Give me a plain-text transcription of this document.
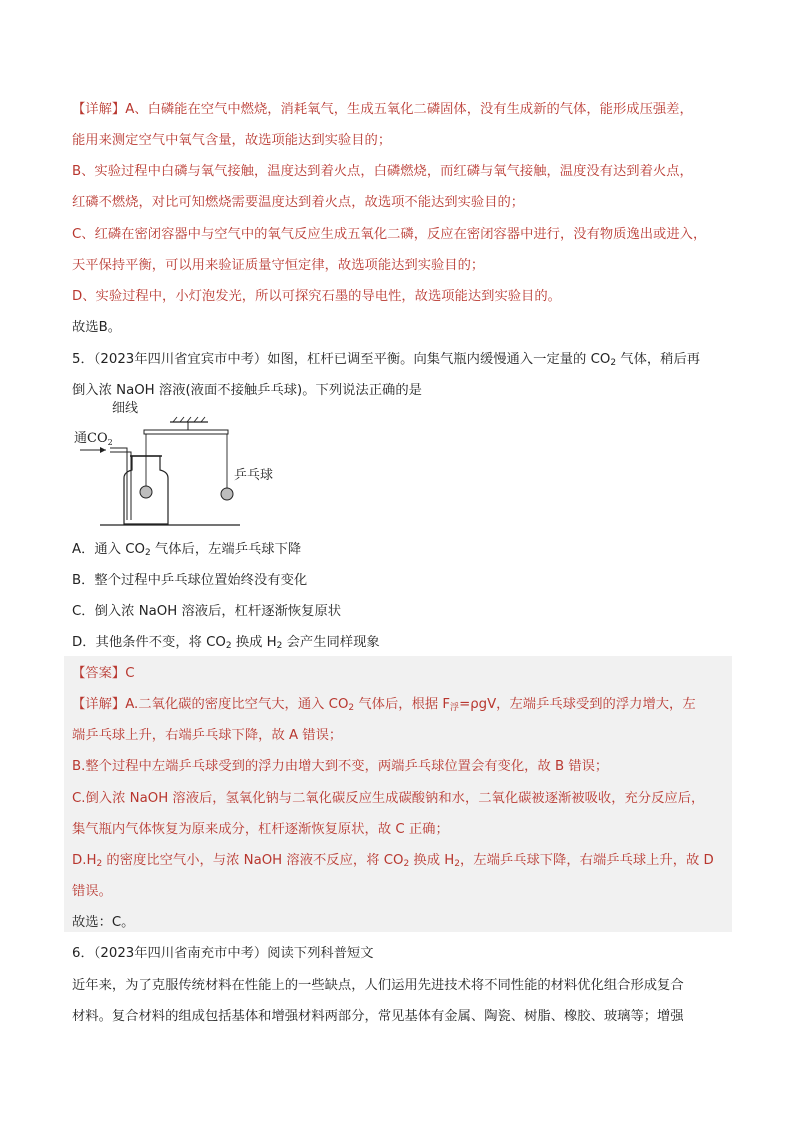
【详解】A、白磷能在空气中燃烧，消耗氧气，生成五氧化二磷固体，没有生成新的气体，能形成压强差，
能用来测定空气中氧气含量，故选项能达到实验目的；
B、实验过程中白磷与氧气接触，温度达到着火点，白磷燃烧，而红磷与氧气接触，温度没有达到着火点，
红磷不燃烧，对比可知燃烧需要温度达到着火点，故选项不能达到实验目的；
C、红磷在密闭容器中与空气中的氧气反应生成五氧化二磷，反应在密闭容器中进行，没有物质逸出或进入，
天平保持平衡，可以用来验证质量守恒定律，故选项能达到实验目的；
D、实验过程中，小灯泡发光，所以可探究石墨的导电性，故选项能达到实验目的。
故选B。
5．（2023年四川省宜宾市中考）如图，杠杆已调至平衡。向集气瓶内缓慢通入一定量的 $CO_2$ 气体，稍后再
倒入浓 NaOH 溶液(液面不接触乒乓球)。下列说法正确的是
细线
通$CO_2$
乒乓球
A．通入 $CO_2$ 气体后，左端乒乓球下降
B．整个过程中乒乓球位置始终没有变化
C．倒入浓 NaOH 溶液后，杠杆逐渐恢复原状
D．其他条件不变，将 $CO_2$ 换成 $H_2$ 会产生同样现象
【答案】C
【详解】A.二氧化碳的密度比空气大，通入 $CO_2$ 气体后，根据 $F_浮=\rho gV$，左端乒乓球受到的浮力增大，左
端乒乓球上升，右端乒乓球下降，故 A 错误；
B.整个过程中左端乒乓球受到的浮力由增大到不变，两端乒乓球位置会有变化，故 B 错误；
C.倒入浓 NaOH 溶液后，氢氧化钠与二氧化碳反应生成碳酸钠和水，二氧化碳被逐渐被吸收，充分反应后，
集气瓶内气体恢复为原来成分，杠杆逐渐恢复原状，故 C 正确；
$D.H_2$ 的密度比空气小，与浓 NaOH 溶液不反应，将 $CO_2$ 换成 $H_2$，左端乒乓球下降，右端乒乓球上升，故 D
错误。
故选：C。
6．（2023年四川省南充市中考）阅读下列科普短文
近年来，为了克服传统材料在性能上的一些缺点，人们运用先进技术将不同性能的材料优化组合形成复合
材料。复合材料的组成包括基体和增强材料两部分，常见基体有金属、陶瓷、树脂、橡胶、玻璃等；增强
